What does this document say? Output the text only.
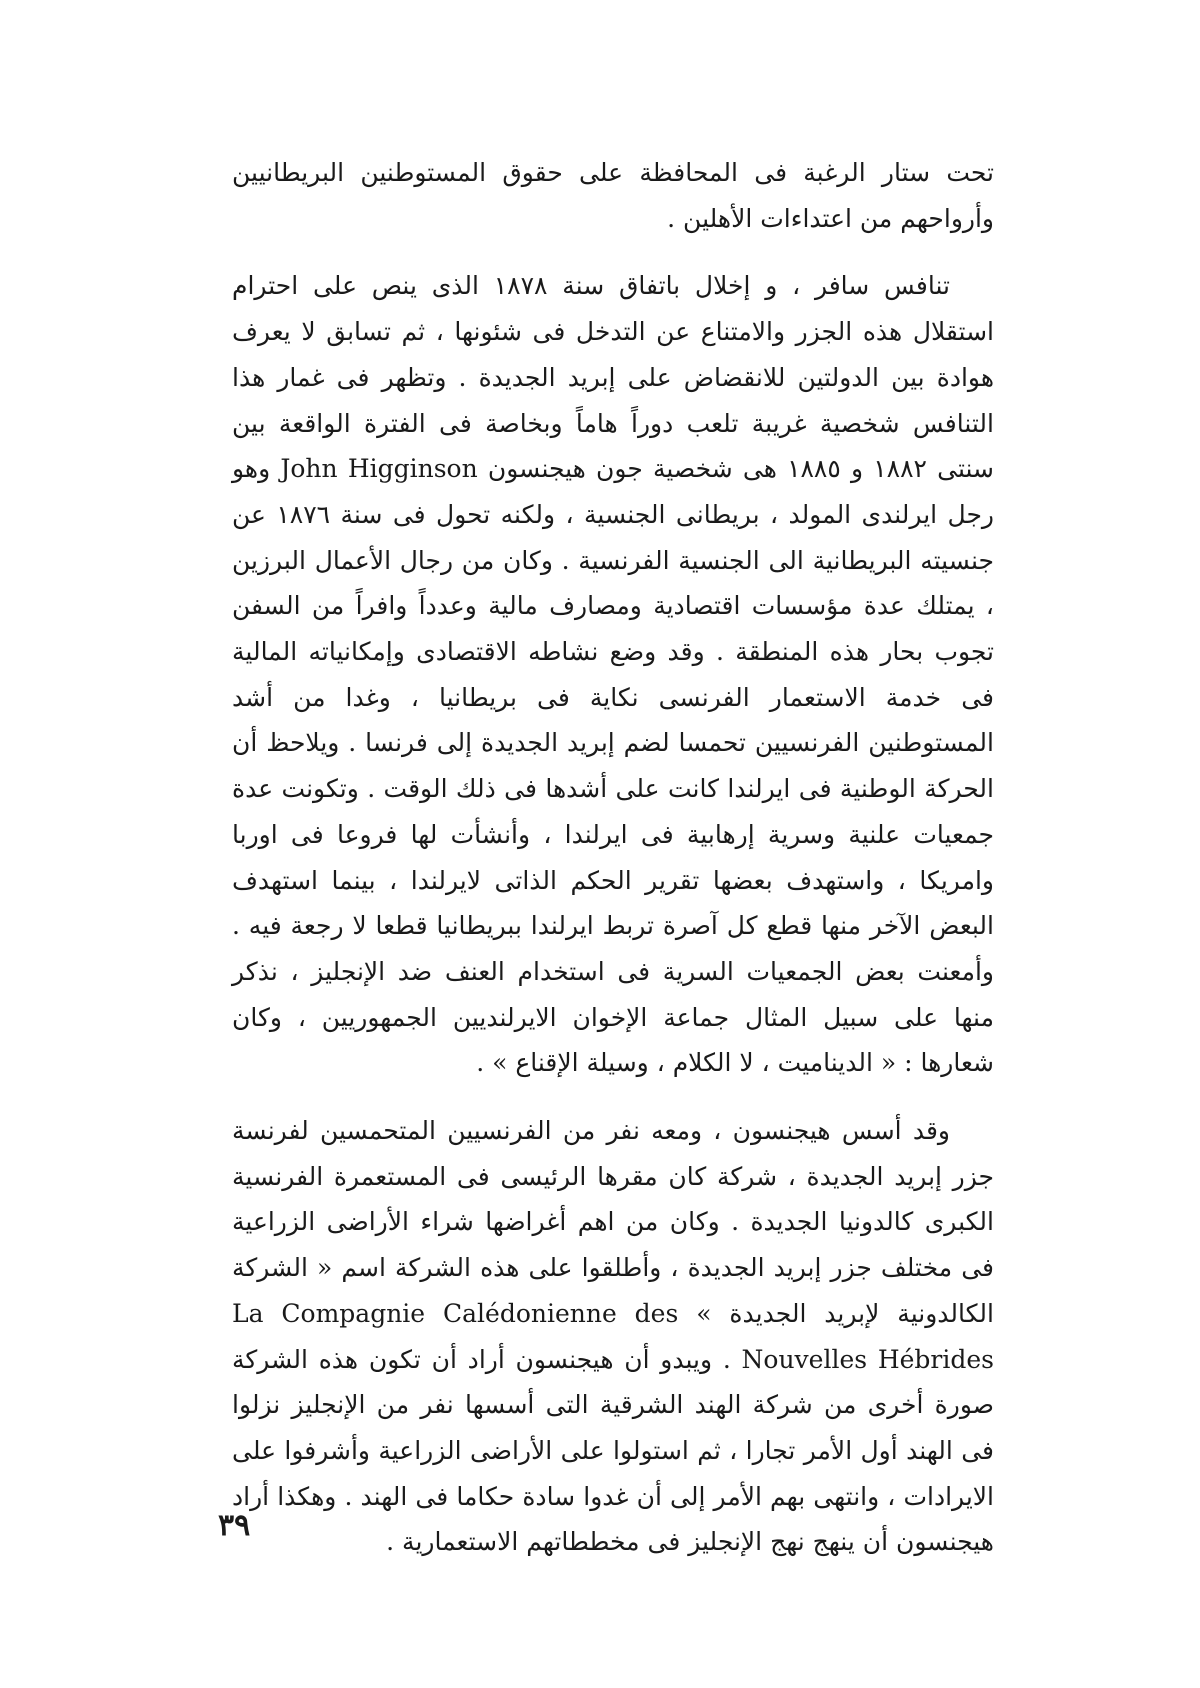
تحت ستار الرغبة فى المحافظة على حقوق المستوطنين البريطانيين وأرواحهم من اعتداءات الأهلين .

تنافس سافر ، و إخلال باتفاق سنة ١٨٧٨ الذى ينص على احترام استقلال هذه الجزر والامتناع عن التدخل فى شئونها ، ثم تسابق لا يعرف هوادة بين الدولتين للانقضاض على إبريد الجديدة . وتظهر فى غمار هذا التنافس شخصية غريبة تلعب دوراً هاماً وبخاصة فى الفترة الواقعة بين سنتى ١٨٨٢ و ١٨٨٥ هى شخصية جون هيجنسون John Higginson وهو رجل ايرلندى المولد ، بريطانى الجنسية ، ولكنه تحول فى سنة ١٨٧٦ عن جنسيته البريطانية الى الجنسية الفرنسية . وكان من رجال الأعمال البرزين ، يمتلك عدة مؤسسات اقتصادية ومصارف مالية وعدداً وافراً من السفن تجوب بحار هذه المنطقة . وقد وضع نشاطه الاقتصادى وإمكانياته المالية فى خدمة الاستعمار الفرنسى نكاية فى بريطانيا ، وغدا من أشد المستوطنين الفرنسيين تحمسا لضم إبريد الجديدة إلى فرنسا . ويلاحظ أن الحركة الوطنية فى ايرلندا كانت على أشدها فى ذلك الوقت . وتكونت عدة جمعيات علنية وسرية إرهابية فى ايرلندا ، وأنشأت لها فروعا فى اوربا وامريكا ، واستهدف بعضها تقرير الحكم الذاتى لايرلندا ، بينما استهدف البعض الآخر منها قطع كل آصرة تربط ايرلندا ببريطانيا قطعا لا رجعة فيه . وأمعنت بعض الجمعيات السرية فى استخدام العنف ضد الإنجليز ، نذكر منها على سبيل المثال جماعة الإخوان الايرلنديين الجمهوريين ، وكان شعارها : « الديناميت ، لا الكلام ، وسيلة الإقناع » .

وقد أسس هيجنسون ، ومعه نفر من الفرنسيين المتحمسين لفرنسة جزر إبريد الجديدة ، شركة كان مقرها الرئيسى فى المستعمرة الفرنسية الكبرى كالدونيا الجديدة . وكان من اهم أغراضها شراء الأراضى الزراعية فى مختلف جزر إبريد الجديدة ، وأطلقوا على هذه الشركة اسم « الشركة الكالدونية لإبريد الجديدة » La Compagnie Calédonienne des Nouvelles Hébrides . ويبدو أن هيجنسون أراد أن تكون هذه الشركة صورة أخرى من شركة الهند الشرقية التى أسسها نفر من الإنجليز نزلوا فى الهند أول الأمر تجارا ، ثم استولوا على الأراضى الزراعية وأشرفوا على الايرادات ، وانتهى بهم الأمر إلى أن غدوا سادة حكاما فى الهند . وهكذا أراد هيجنسون أن ينهج نهج الإنجليز فى مخططاتهم الاستعمارية .

٣٩
